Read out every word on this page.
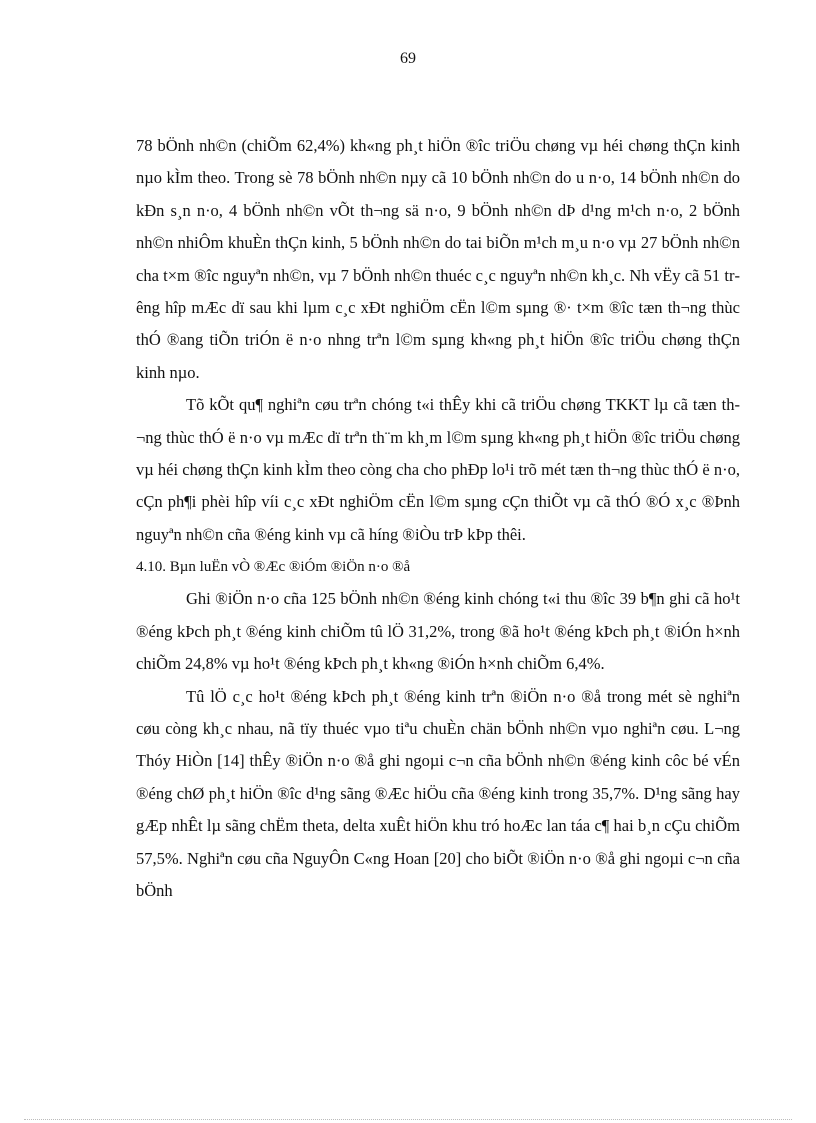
69

78 bÖnh nh©n (chiÕm 62,4%) kh«ng ph¸t hiÖn ®îc triÖu chøng vµ héi chøng thÇn kinh nµo kÌm theo. Trong sè 78 bÖnh nh©n nµy cã 10 bÖnh nh©n do u n·o, 14 bÖnh nh©n do kÐn s¸n n·o, 4 bÖnh nh©n vÕt th¬ng sä n·o, 9 bÖnh nh©n dÞ d¹ng m¹ch n·o, 2 bÖnh nh©n nhiÔm khuÈn thÇn kinh, 5 bÖnh nh©n do tai biÕn m¹ch m¸u n·o vµ 27 bÖnh nh©n cha t×m ®îc nguyªn nh©n, vµ 7 bÖnh nh©n thuéc c¸c nguyªn nh©n kh¸c. Nh vËy cã 51 trêng hîp mÆc dï sau khi lµm c¸c xÐt nghiÖm cËn l©m sµng ®· t×m ®îc tæn th¬ng thùc thÓ ®ang tiÕn triÓn ë n·o nhng trªn l©m sµng kh«ng ph¸t hiÖn ®îc triÖu chøng thÇn kinh nµo.

Tõ kÕt qu¶ nghiªn cøu trªn chóng t«i thÊy khi cã triÖu chøng TKKT lµ cã tæn th¬ng thùc thÓ ë n·o vµ mÆc dï trªn th¨m kh¸m l©m sµng kh«ng ph¸t hiÖn ®îc triÖu chøng vµ héi chøng thÇn kinh kÌm theo còng cha cho phÐp lo¹i trõ mét tæn th¬ng thùc thÓ ë n·o, cÇn ph¶i phèi hîp víi c¸c xÐt nghiÖm cËn l©m sµng cÇn thiÕt vµ cã thÓ ®Ó x¸c ®Þnh nguyªn nh©n cña ®éng kinh vµ cã híng ®iÒu trÞ kÞp thêi.

4.10. Bµn luËn vÒ ®Æc ®iÓm ®iÖn n·o ®å

Ghi ®iÖn n·o cña 125 bÖnh nh©n ®éng kinh chóng t«i thu ®îc 39 b¶n ghi cã ho¹t ®éng kÞch ph¸t ®éng kinh chiÕm tû lÖ 31,2%, trong ®ã ho¹t ®éng kÞch ph¸t ®iÓn h×nh chiÕm 24,8% vµ ho¹t ®éng kÞch ph¸t kh«ng ®iÓn h×nh chiÕm 6,4%.

Tû lÖ c¸c ho¹t ®éng kÞch ph¸t ®éng kinh trªn ®iÖn n·o ®å trong mét sè nghiªn cøu còng kh¸c nhau, nã tïy thuéc vµo tiªu chuÈn chän bÖnh nh©n vµo nghiªn cøu. L¬ng Thóy HiÒn [14] thÊy ®iÖn n·o ®å ghi ngoµi c¬n cña bÖnh nh©n ®éng kinh côc bé vÉn ®éng chØ ph¸t hiÖn ®îc d¹ng sãng ®Æc hiÖu cña ®éng kinh trong 35,7%. D¹ng sãng hay gÆp nhÊt lµ sãng chËm theta, delta xuÊt hiÖn khu tró hoÆc lan táa c¶ hai b¸n cÇu chiÕm 57,5%. Nghiªn cøu cña NguyÔn C«ng Hoan [20] cho biÕt ®iÖn n·o ®å ghi ngoµi c¬n cña bÖnh
